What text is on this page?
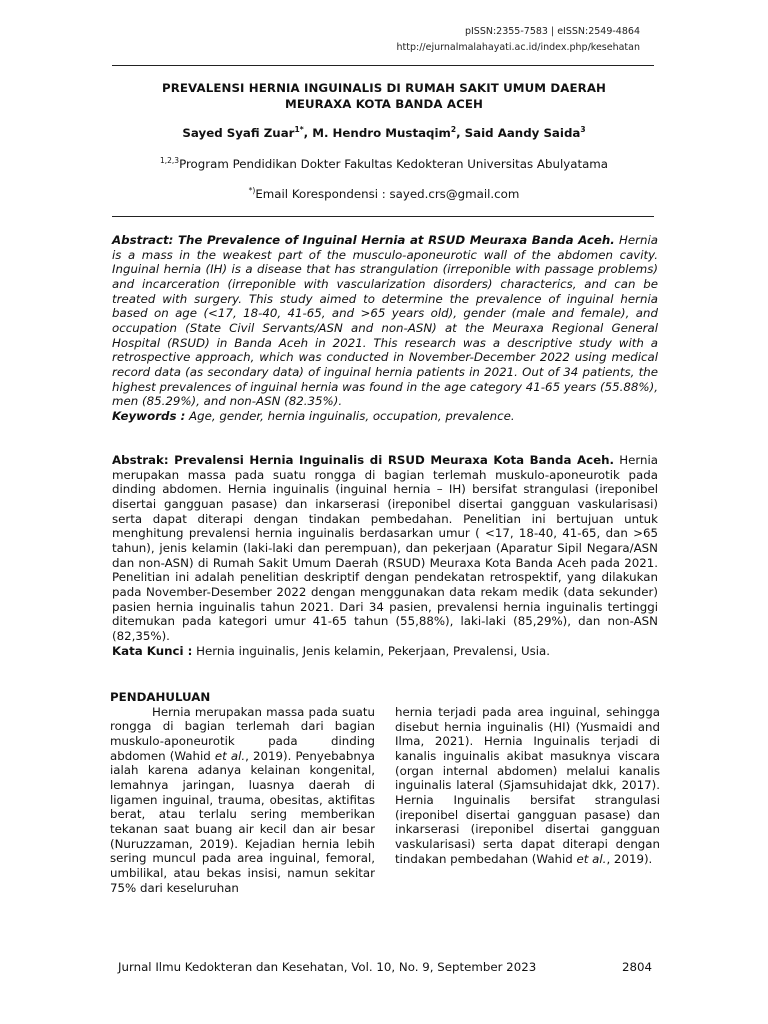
pISSN:2355-7583 | eISSN:2549-4864
http://ejurnalmalahayati.ac.id/index.php/kesehatan
PREVALENSI HERNIA INGUINALIS DI RUMAH SAKIT UMUM DAERAH
MEURAXA KOTA BANDA ACEH
Sayed Syafi Zuar$^{1*}$, M. Hendro Mustaqim$^2$, Said Aandy Saida$^3$
$^{1,2,3}$Program Pendidikan Dokter Fakultas Kedokteran Universitas Abulyatama
*)Email Korespondensi : sayed.crs@gmail.com

Abstract: The Prevalence of Inguinal Hernia at RSUD Meuraxa Banda Aceh. Hernia is a mass in the weakest part of the musculo-aponeurotic wall of the abdomen cavity. Inguinal hernia (IH) is a disease that has strangulation (irreponible with passage problems) and incarceration (irreponible with vascularization disorders) characterics, and can be treated with surgery. This study aimed to determine the prevalence of inguinal hernia based on age (<17, 18-40, 41-65, and >65 years old), gender (male and female), and occupation (State Civil Servants/ASN and non-ASN) at the Meuraxa Regional General Hospital (RSUD) in Banda Aceh in 2021. This research was a descriptive study with a retrospective approach, which was conducted in November-December 2022 using medical record data (as secondary data) of inguinal hernia patients in 2021. Out of 34 patients, the highest prevalences of inguinal hernia was found in the age category 41-65 years (55.88%), men (85.29%), and non-ASN (82.35%).

Keywords : Age, gender, hernia inguinalis, occupation, prevalence.

Abstrak: Prevalensi Hernia Inguinalis di RSUD Meuraxa Kota Banda Aceh. Hernia merupakan massa pada suatu rongga di bagian terlemah muskulo-aponeurotik pada dinding abdomen. Hernia inguinalis (inguinal hernia – IH) bersifat strangulasi (ireponibel disertai gangguan pasase) dan inkarserasi (ireponibel disertai gangguan vaskularisasi) serta dapat diterapi dengan tindakan pembedahan. Penelitian ini bertujuan untuk menghitung prevalensi hernia inguinalis berdasarkan umur ( <17, 18-40, 41-65, dan >65 tahun), jenis kelamin (laki-laki dan perempuan), dan pekerjaan (Aparatur Sipil Negara/ASN dan non-ASN) di Rumah Sakit Umum Daerah (RSUD) Meuraxa Kota Banda Aceh pada 2021. Penelitian ini adalah penelitian deskriptif dengan pendekatan retrospektif, yang dilakukan pada November-Desember 2022 dengan menggunakan data rekam medik (data sekunder) pasien hernia inguinalis tahun 2021. Dari 34 pasien, prevalensi hernia inguinalis tertinggi ditemukan pada kategori umur 41-65 tahun (55,88%), laki-laki (85,29%), dan non-ASN (82,35%).

Kata Kunci : Hernia inguinalis, Jenis kelamin, Pekerjaan, Prevalensi, Usia.

PENDAHULUAN

Hernia merupakan massa pada suatu rongga di bagian terlemah dari bagian muskulo-aponeurotik pada dinding abdomen (Wahid et al., 2019). Penyebabnya ialah karena adanya kelainan kongenital, lemahnya jaringan, luasnya daerah di ligamen inguinal, trauma, obesitas, aktifitas berat, atau terlalu sering memberikan tekanan saat buang air kecil dan air besar (Nuruzzaman, 2019). Kejadian hernia lebih sering muncul pada area inguinal, femoral, umbilikal, atau bekas insisi, namun sekitar 75% dari keseluruhan

hernia terjadi pada area inguinal, sehingga disebut hernia inguinalis (HI) (Yusmaidi and Ilma, 2021). Hernia Inguinalis terjadi di kanalis inguinalis akibat masuknya viscara (organ internal abdomen) melalui kanalis inguinalis lateral (Sjamsuhidajat dkk, 2017). Hernia Inguinalis bersifat strangulasi (ireponibel disertai gangguan pasase) dan inkarserasi (ireponibel disertai gangguan vaskularisasi) serta dapat diterapi dengan tindakan pembedahan (Wahid et al., 2019).

Jurnal Ilmu Kedokteran dan Kesehatan, Vol. 10, No. 9, September 2023	2804
